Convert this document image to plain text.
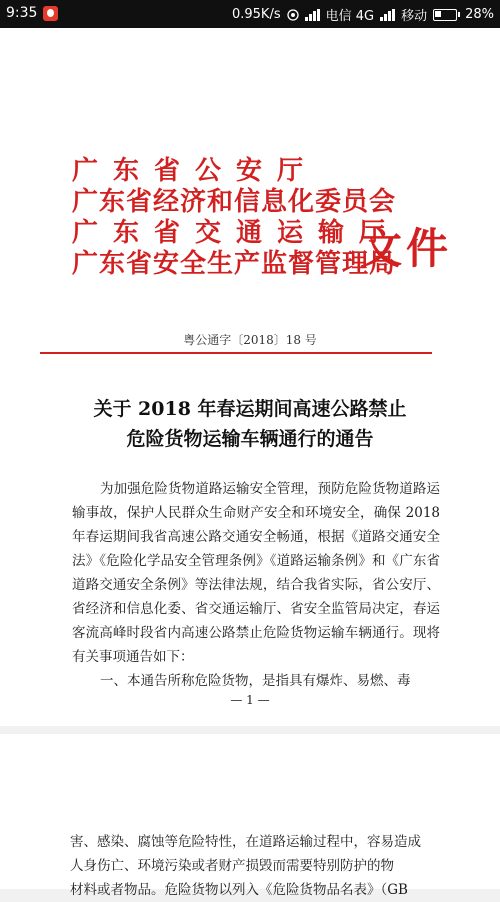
9:35	0.95K/s	电信 4G 移动	28%
广东省公安厅
广东省经济和信息化委员会
广东省交通运输厅
广东省安全生产监督管理局
文件
粤公通字〔2018〕18 号
关于 2018 年春运期间高速公路禁止
危险货物运输车辆通行的通告

为加强危险货物道路运输安全管理，预防危险货物道路运输事故，保护人民群众生命财产安全和环境安全，确保 2018 年春运期间我省高速公路交通安全畅通，根据《道路交通安全法》《危险化学品安全管理条例》《道路运输条例》和《广东省道路交通安全条例》等法律法规，结合我省实际，省公安厅、省经济和信息化委、省交通运输厅、省安全监管局决定，春运客流高峰时段省内高速公路禁止危险货物运输车辆通行。现将有关事项通告如下：

一、本通告所称危险货物，是指具有爆炸、易燃、毒

— 1 —

害、感染、腐蚀等危险特性，在道路运输过程中，容易造成

人身伤亡、环境污染或者财产损毁而需要特别防护的物

材料或者物品。危险货物以列入《危险货物品名表》（GB
